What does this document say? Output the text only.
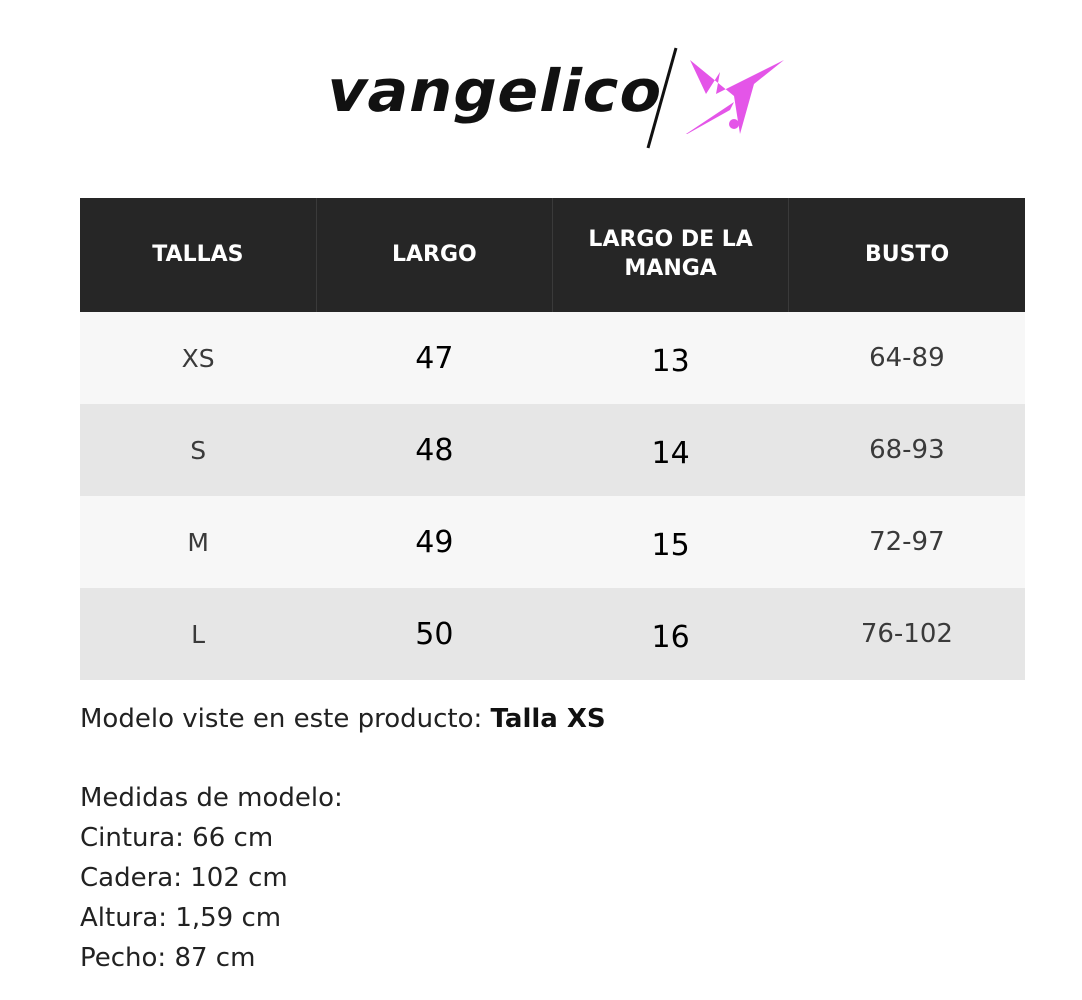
vangelico
TALLAS	LARGO	LARGO DE LA MANGA	BUSTO
XS	47	13	64-89
S	48	14	68-93
M	49	15	72-97
L	50	16	76-102
Modelo viste en este producto: Talla XS
Medidas de modelo:
Cintura: 66 cm
Cadera: 102 cm
Altura: 1,59 cm
Pecho: 87 cm
